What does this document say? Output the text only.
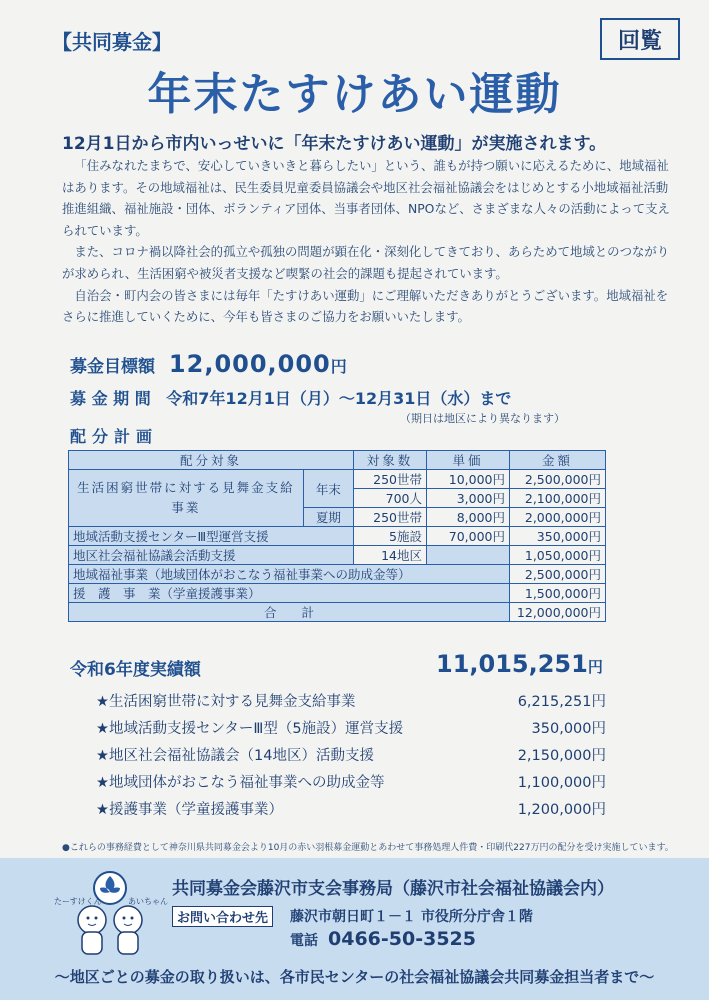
【共同募金】	回覧
年末たすけあい運動
12月1日から市内いっせいに「年末たすけあい運動」が実施されます。

「住みなれたまちで、安心していきいきと暮らしたい」という、誰もが持つ願いに応えるために、地域福祉はあります。その地域福祉は、民生委員児童委員協議会や地区社会福祉協議会をはじめとする小地域福祉活動推進組織、福祉施設・団体、ボランティア団体、当事者団体、NPOなど、さまざまな人々の活動によって支えられています。

また、コロナ禍以降社会的孤立や孤独の問題が顕在化・深刻化してきており、あらためて地域とのつながりが求められ、生活困窮や被災者支援など喫緊の社会的課題も提起されています。

自治会・町内会の皆さまには毎年「たすけあい運動」にご理解いただきありがとうございます。地域福祉をさらに推進していくために、今年も皆さまのご協力をお願いいたします。

募金目標額 12,000,000円
募 金 期 間 令和7年12月1日（月）～12月31日（水）まで
（期日は地区により異なります）
配分計画
配分対象		対象数	単価	金額
生活困窮世帯に対する見舞金支給事業	年末	250世帯	10,000円	2,500,000円
		700人	3,000円	2,100,000円
	夏期	250世帯	8,000円	2,000,000円
地域活動支援センターⅢ型運営支援		5施設	70,000円	350,000円
地区社会福祉協議会活動支援		14地区		1,050,000円
地域福祉事業（地域団体がおこなう福祉事業への助成金等）				2,500,000円
援　護　事　業（学童援護事業）				1,500,000円
合　　計				12,000,000円
令和6年度実績額	11,015,251円
★生活困窮世帯に対する見舞金支給事業	6,215,251円
★地域活動支援センターⅢ型（5施設）運営支援	350,000円
★地区社会福祉協議会（14地区）活動支援	2,150,000円
★地域団体がおこなう福祉事業への助成金等	1,100,000円
★援護事業（学童援護事業）	1,200,000円
●これらの事務経費として神奈川県共同募金会より10月の赤い羽根募金運動とあわせて事務処理人件費・印刷代227万円の配分を受け実施しています。
たーすけくん	あいちゃん
共同募金会藤沢市支会事務局（藤沢市社会福祉協議会内）
お問い合わせ先	藤沢市朝日町１－１ 市役所分庁舎１階
電話 0466-50-3525
～地区ごとの募金の取り扱いは、各市民センターの社会福祉協議会共同募金担当者まで～
